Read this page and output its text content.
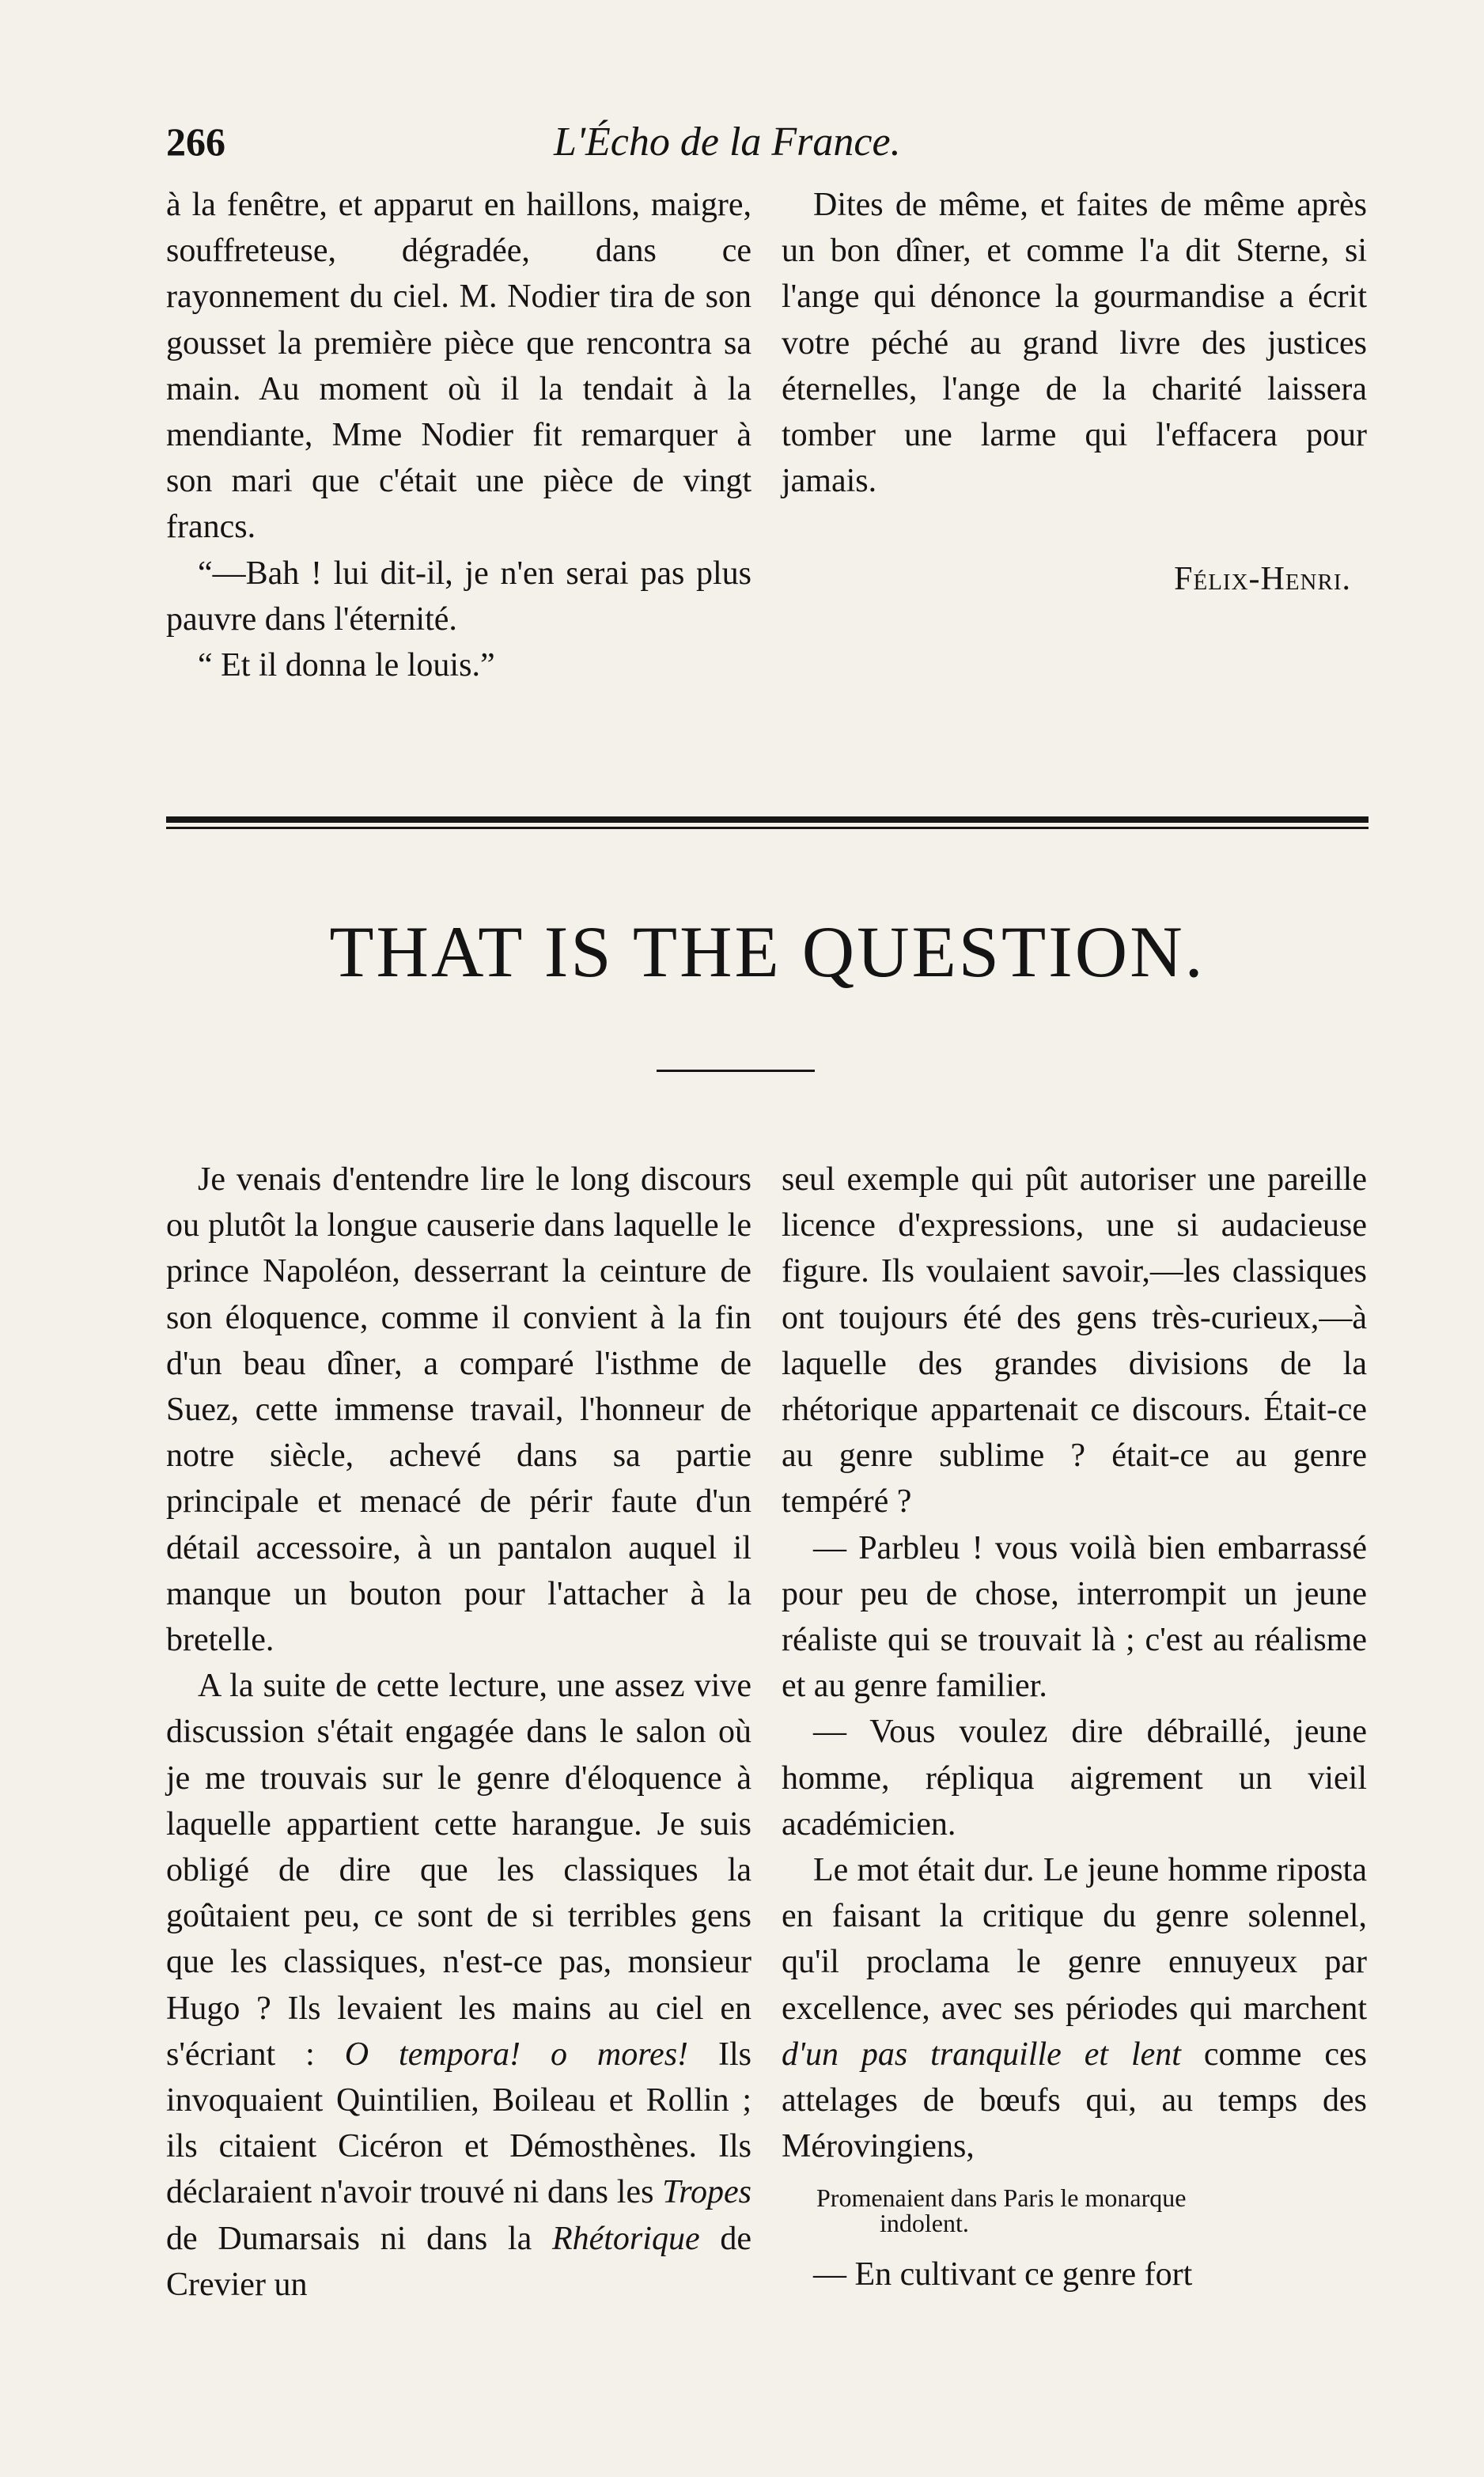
266	L'Écho de la France.

à la fenêtre, et apparut en haillons, maigre, souffreteuse, dégradée, dans ce rayonnement du ciel. M. Nodier tira de son gousset la première pièce que rencontra sa main. Au moment où il la tendait à la mendiante, Mme Nodier fit remarquer à son mari que c'était une pièce de vingt francs.

“—Bah ! lui dit-il, je n'en serai pas plus pauvre dans l'éternité.

“ Et il donna le louis.”

Dites de même, et faites de même après un bon dîner, et comme l'a dit Sterne, si l'ange qui dénonce la gourmandise a écrit votre péché au grand livre des justices éternelles, l'ange de la charité laissera tomber une larme qui l'effacera pour jamais.

Félix-Henri.

THAT IS THE QUESTION.

Je venais d'entendre lire le long discours ou plutôt la longue causerie dans laquelle le prince Napoléon, desserrant la ceinture de son éloquence, comme il convient à la fin d'un beau dîner, a comparé l'isthme de Suez, cette immense travail, l'honneur de notre siècle, achevé dans sa partie principale et menacé de périr faute d'un détail accessoire, à un pantalon auquel il manque un bouton pour l'attacher à la bretelle.

A la suite de cette lecture, une assez vive discussion s'était engagée dans le salon où je me trouvais sur le genre d'éloquence à laquelle appartient cette harangue. Je suis obligé de dire que les classiques la goûtaient peu, ce sont de si terribles gens que les classiques, n'est-ce pas, monsieur Hugo ? Ils levaient les mains au ciel en s'écriant : O tempora! o mores! Ils invoquaient Quintilien, Boileau et Rollin ; ils citaient Cicéron et Démosthènes. Ils déclaraient n'avoir trouvé ni dans les Tropes de Dumarsais ni dans la Rhétorique de Crevier un

seul exemple qui pût autoriser une pareille licence d'expressions, une si audacieuse figure. Ils voulaient savoir,—les classiques ont toujours été des gens très-curieux,—à laquelle des grandes divisions de la rhétorique appartenait ce discours. Était-ce au genre sublime ? était-ce au genre tempéré ?

— Parbleu ! vous voilà bien embarrassé pour peu de chose, interrompit un jeune réaliste qui se trouvait là ; c'est au réalisme et au genre familier.

— Vous voulez dire débraillé, jeune homme, répliqua aigrement un vieil académicien.

Le mot était dur. Le jeune homme riposta en faisant la critique du genre solennel, qu'il proclama le genre ennuyeux par excellence, avec ses périodes qui marchent d'un pas tranquille et lent comme ces attelages de bœufs qui, au temps des Mérovingiens,

Promenaient dans Paris le monarque
indolent.

— En cultivant ce genre fort
